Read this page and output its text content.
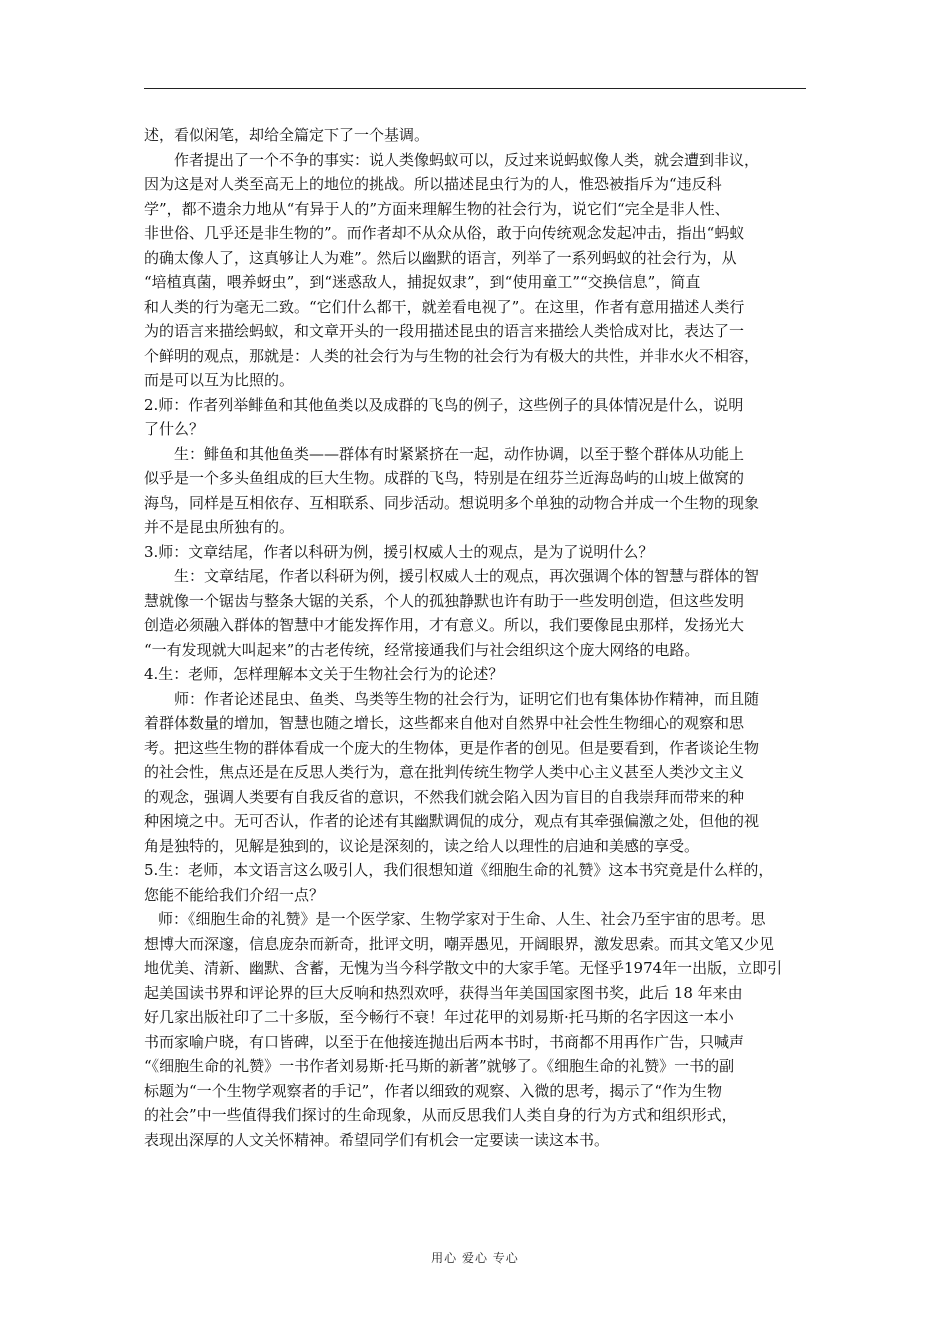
述，看似闲笔，却给全篇定下了一个基调。
作者提出了一个不争的事实：说人类像蚂蚁可以，反过来说蚂蚁像人类，就会遭到非议，
因为这是对人类至高无上的地位的挑战。所以描述昆虫行为的人，惟恐被指斥为“违反科
学”，都不遗余力地从“有异于人的”方面来理解生物的社会行为，说它们“完全是非人性、
非世俗、几乎还是非生物的”。而作者却不从众从俗，敢于向传统观念发起冲击，指出“蚂蚁
的确太像人了，这真够让人为难”。然后以幽默的语言，列举了一系列蚂蚁的社会行为，从
“培植真菌，喂养蚜虫”，到“迷惑敌人，捕捉奴隶”，到“使用童工”“交换信息”，简直
和人类的行为毫无二致。“它们什么都干，就差看电视了”。在这里，作者有意用描述人类行
为的语言来描绘蚂蚁，和文章开头的一段用描述昆虫的语言来描绘人类恰成对比，表达了一
个鲜明的观点，那就是：人类的社会行为与生物的社会行为有极大的共性，并非水火不相容，
而是可以互为比照的。
2.师：作者列举鲱鱼和其他鱼类以及成群的飞鸟的例子，这些例子的具体情况是什么，说明
了什么？
生：鲱鱼和其他鱼类——群体有时紧紧挤在一起，动作协调，以至于整个群体从功能上
似乎是一个多头鱼组成的巨大生物。成群的飞鸟，特别是在纽芬兰近海岛屿的山坡上做窝的
海鸟，同样是互相依存、互相联系、同步活动。想说明多个单独的动物合并成一个生物的现象
并不是昆虫所独有的。
3.师：文章结尾，作者以科研为例，援引权威人士的观点，是为了说明什么？
生：文章结尾，作者以科研为例，援引权威人士的观点，再次强调个体的智慧与群体的智
慧就像一个锯齿与整条大锯的关系，个人的孤独静默也许有助于一些发明创造，但这些发明
创造必须融入群体的智慧中才能发挥作用，才有意义。所以，我们要像昆虫那样，发扬光大
“一有发现就大叫起来”的古老传统，经常接通我们与社会组织这个庞大网络的电路。
4.生：老师，怎样理解本文关于生物社会行为的论述？
师：作者论述昆虫、鱼类、鸟类等生物的社会行为，证明它们也有集体协作精神，而且随
着群体数量的增加，智慧也随之增长，这些都来自他对自然界中社会性生物细心的观察和思
考。把这些生物的群体看成一个庞大的生物体，更是作者的创见。但是要看到，作者谈论生物
的社会性，焦点还是在反思人类行为，意在批判传统生物学人类中心主义甚至人类沙文主义
的观念，强调人类要有自我反省的意识，不然我们就会陷入因为盲目的自我崇拜而带来的种
种困境之中。无可否认，作者的论述有其幽默调侃的成分，观点有其牵强偏激之处，但他的视
角是独特的，见解是独到的，议论是深刻的，读之给人以理性的启迪和美感的享受。
5.生：老师，本文语言这么吸引人，我们很想知道《细胞生命的礼赞》这本书究竟是什么样的，
您能不能给我们介绍一点？
师：《细胞生命的礼赞》是一个医学家、生物学家对于生命、人生、社会乃至宇宙的思考。思
想博大而深邃，信息庞杂而新奇，批评文明，嘲弄愚见，开阔眼界，激发思索。而其文笔又少见
地优美、清新、幽默、含蓄，无愧为当今科学散文中的大家手笔。无怪乎1974年一出版，立即引
起美国读书界和评论界的巨大反响和热烈欢呼，获得当年美国国家图书奖，此后 18 年来由
好几家出版社印了二十多版，至今畅行不衰！年过花甲的刘易斯·托马斯的名字因这一本小
书而家喻户晓，有口皆碑，以至于在他接连抛出后两本书时，书商都不用再作广告，只喊声
“《细胞生命的礼赞》一书作者刘易斯·托马斯的新著”就够了。《细胞生命的礼赞》一书的副
标题为“一个生物学观察者的手记”，作者以细致的观察、入微的思考，揭示了“作为生物
的社会”中一些值得我们探讨的生命现象，从而反思我们人类自身的行为方式和组织形式，
表现出深厚的人文关怀精神。希望同学们有机会一定要读一读这本书。
用心 爱心 专心
